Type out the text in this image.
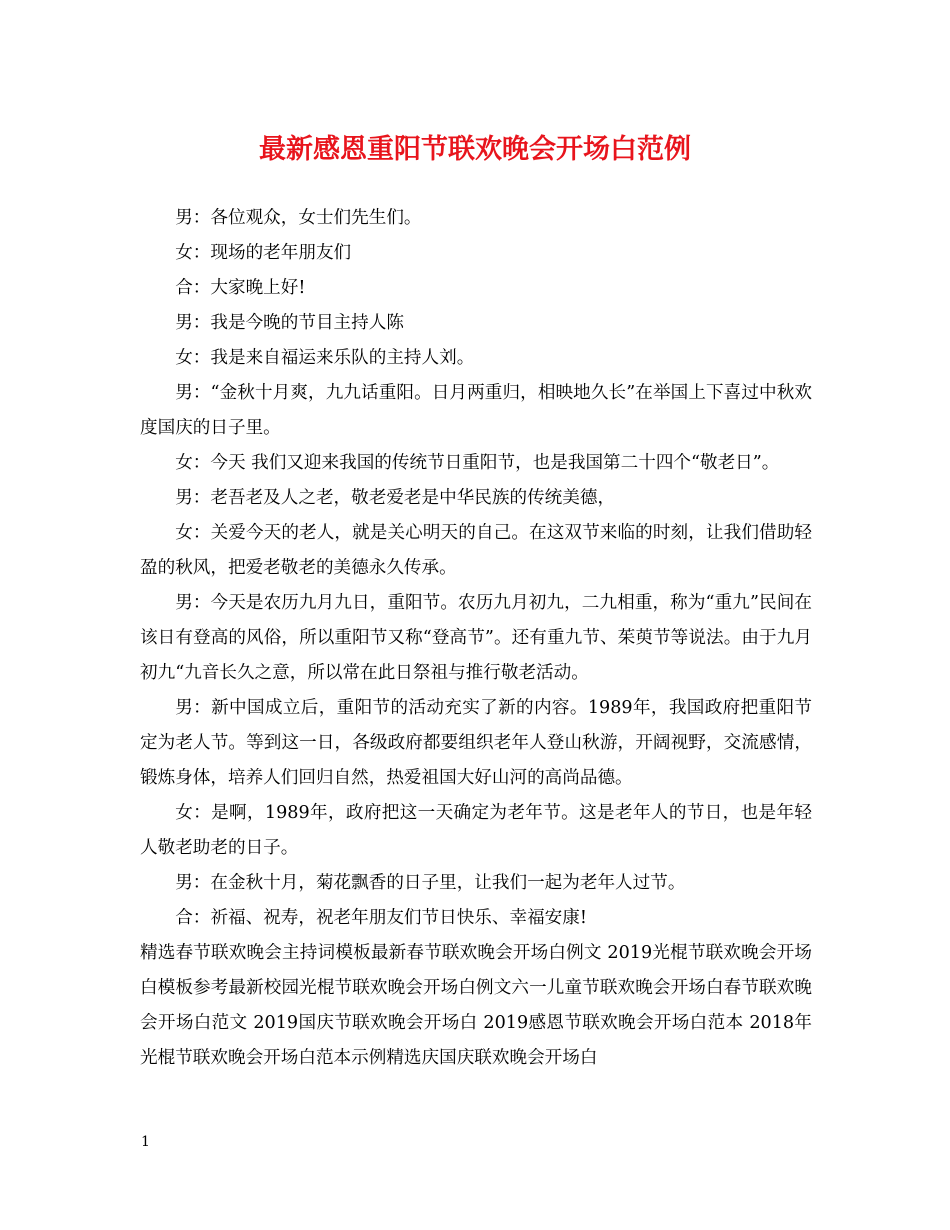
最新感恩重阳节联欢晚会开场白范例

男：各位观众，女士们先生们。

女：现场的老年朋友们

合：大家晚上好!

男：我是今晚的节目主持人陈

女：我是来自福运来乐队的主持人刘。

男：“金秋十月爽，九九话重阳。日月两重归，相映地久长”在举国上下喜过中秋欢度国庆的日子里。

女：今天 我们又迎来我国的传统节日重阳节，也是我国第二十四个“敬老日”。

男：老吾老及人之老，敬老爱老是中华民族的传统美德，

女：关爱今天的老人，就是关心明天的自己。在这双节来临的时刻，让我们借助轻盈的秋风，把爱老敬老的美德永久传承。

男：今天是农历九月九日，重阳节。农历九月初九，二九相重，称为“重九”民间在该日有登高的风俗，所以重阳节又称“登高节”。还有重九节、茱萸节等说法。由于九月初九“九音长久之意，所以常在此日祭祖与推行敬老活动。

男：新中国成立后，重阳节的活动充实了新的内容。1989年，我国政府把重阳节定为老人节。等到这一日，各级政府都要组织老年人登山秋游，开阔视野，交流感情，锻炼身体，培养人们回归自然，热爱祖国大好山河的高尚品德。

女：是啊，1989年，政府把这一天确定为老年节。这是老年人的节日，也是年轻人敬老助老的日子。

男：在金秋十月，菊花飘香的日子里，让我们一起为老年人过节。

合：祈福、祝寿，祝老年朋友们节日快乐、幸福安康!

精选春节联欢晚会主持词模板最新春节联欢晚会开场白例文 2019光棍节联欢晚会开场白模板参考最新校园光棍节联欢晚会开场白例文六一儿童节联欢晚会开场白春节联欢晚会开场白范文 2019国庆节联欢晚会开场白 2019感恩节联欢晚会开场白范本 2018年光棍节联欢晚会开场白范本示例精选庆国庆联欢晚会开场白

1
